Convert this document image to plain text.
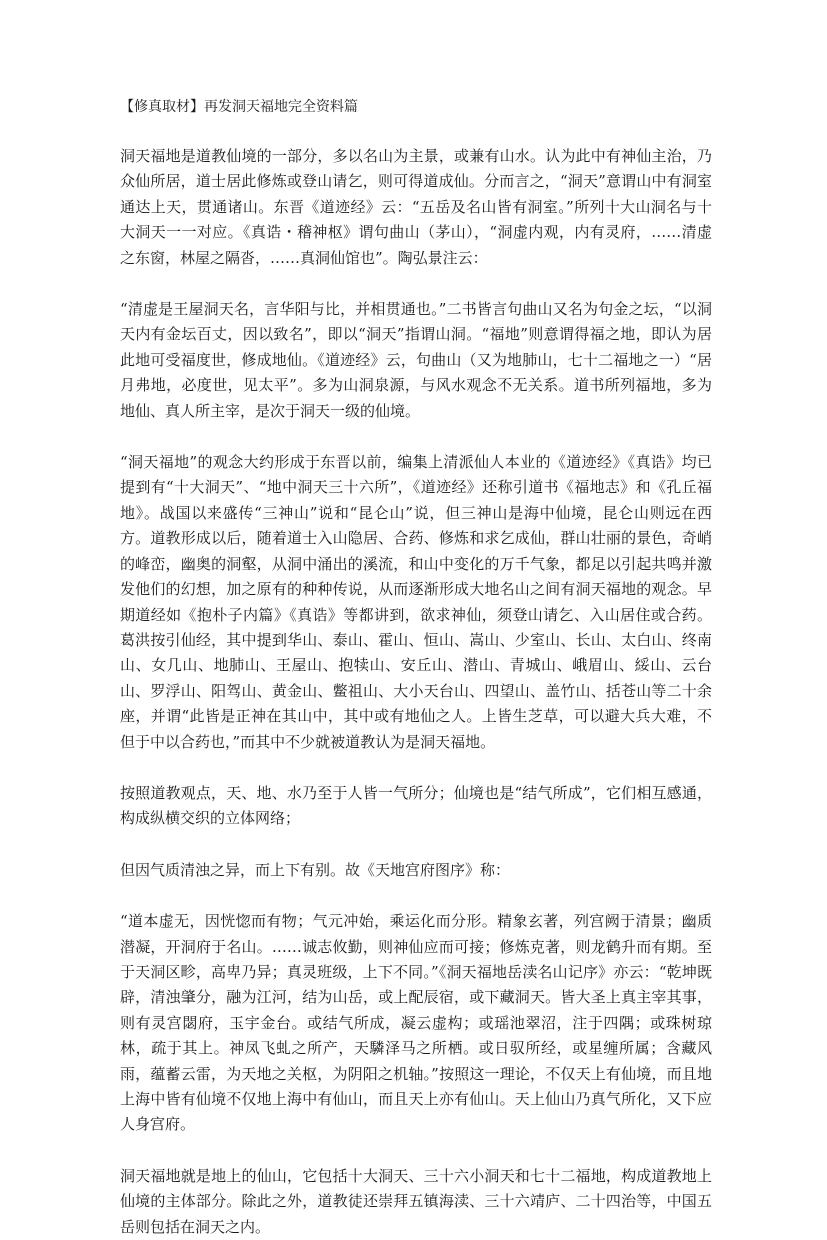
【修真取材】再发洞天福地完全资料篇

洞天福地是道教仙境的一部分，多以名山为主景，或兼有山水。认为此中有神仙主治，乃众仙所居，道士居此修炼或登山请乞，则可得道成仙。分而言之，“洞天”意谓山中有洞室通达上天，贯通诸山。东晋《道迹经》云：“五岳及名山皆有洞室。”所列十大山洞名与十大洞天一一对应。《真诰・稽神枢》谓句曲山（茅山），“洞虚内观，内有灵府，……清虚之东窗，林屋之隔沓，……真洞仙馆也”。陶弘景注云：

“清虚是王屋洞天名，言华阳与比，并相贯通也。”二书皆言句曲山又名为句金之坛，“以洞天内有金坛百丈，因以致名”，即以“洞天”指谓山洞。“福地”则意谓得福之地，即认为居此地可受福度世，修成地仙。《道迹经》云，句曲山（又为地肺山，七十二福地之一）“居月弗地，必度世，见太平”。多为山洞泉源，与风水观念不无关系。道书所列福地，多为地仙、真人所主宰，是次于洞天一级的仙境。

“洞天福地”的观念大约形成于东晋以前，编集上清派仙人本业的《道迹经》《真诰》均已提到有“十大洞天”、“地中洞天三十六所”，《道迹经》还称引道书《福地志》和《孔丘福地》。战国以来盛传“三神山”说和“昆仑山”说，但三神山是海中仙境，昆仑山则远在西方。道教形成以后，随着道士入山隐居、合药、修炼和求乞成仙，群山壮丽的景色，奇峭的峰峦，幽奥的洞壑，从洞中涌出的溪流，和山中变化的万千气象，都足以引起共鸣并激发他们的幻想，加之原有的种种传说，从而逐渐形成大地名山之间有洞天福地的观念。早期道经如《抱朴子内篇》《真诰》等都讲到，欲求神仙，须登山请乞、入山居住或合药。葛洪按引仙经，其中提到华山、泰山、霍山、恒山、嵩山、少室山、长山、太白山、终南山、女几山、地肺山、王屋山、抱犊山、安丘山、潜山、青城山、峨眉山、綏山、云台山、罗浮山、阳驾山、黄金山、鳖祖山、大小天台山、四望山、盖竹山、括苍山等二十余座，并谓“此皆是正神在其山中，其中或有地仙之人。上皆生芝草，可以避大兵大难，不但于中以合药也，”而其中不少就被道教认为是洞天福地。

按照道教观点，天、地、水乃至于人皆一气所分；仙境也是“结气所成”，它们相互感通，构成纵横交织的立体网络；

但因气质清浊之异，而上下有别。故《天地宫府图序》称：

“道本虚无，因恍惚而有物；气元冲始，乘运化而分形。精象玄著，列宫阙于清景；幽质潜凝，开洞府于名山。……诚志攸勤，则神仙应而可接；修炼克著，则龙鹤升而有期。至于天洞区畛，高卑乃异；真灵班级，上下不同。”《洞天福地岳渎名山记序》亦云：“乾坤既辟，清浊肇分，融为江河，结为山岳，或上配辰宿，或下藏洞天。皆大圣上真主宰其事，则有灵宫閟府，玉宇金台。或结气所成，凝云虚构；或瑶池翠沼，注于四隅；或珠树琼林，疏于其上。神凤飞虬之所产，天驎泽马之所栖。或日驭所经，或星缠所属；含藏风雨，蕴蓄云雷，为天地之关枢，为阴阳之机轴。”按照这一理论，不仅天上有仙境，而且地上海中皆有仙境不仅地上海中有仙山，而且天上亦有仙山。天上仙山乃真气所化，又下应人身宫府。

洞天福地就是地上的仙山，它包括十大洞天、三十六小洞天和七十二福地，构成道教地上仙境的主体部分。除此之外，道教徒还崇拜五镇海渎、三十六靖庐、二十四治等，中国五岳则包括在洞天之内。
